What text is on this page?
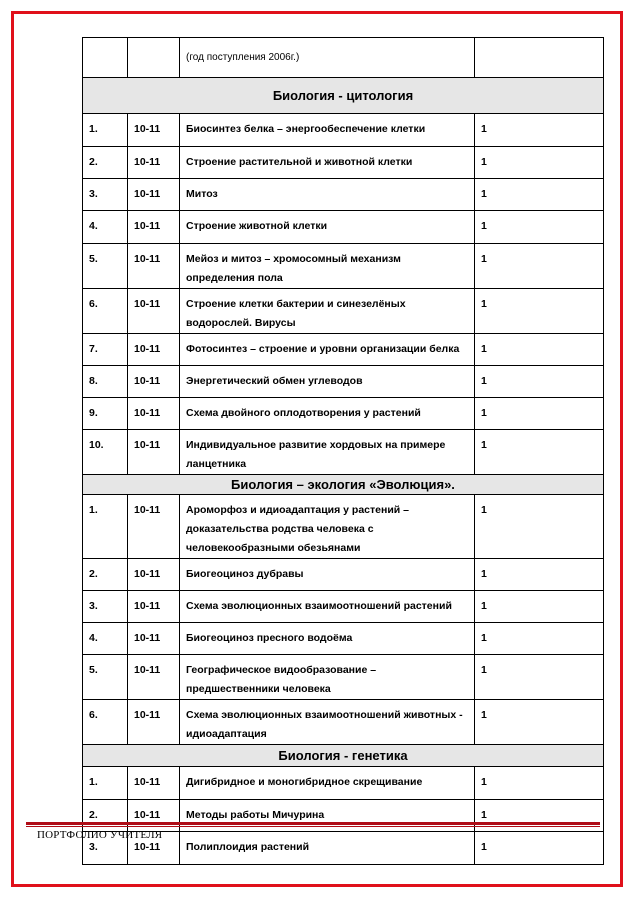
		(год поступления 2006г.)	
Биология - цитология			
1.	10-11	Биосинтез белка – энергообеспечение клетки	1
2.	10-11	Строение растительной и животной клетки	1
3.	10-11	Митоз	1
4.	10-11	Строение животной клетки	1
5.	10-11	Мейоз и митоз – хромосомный механизм определения пола	1
6.	10-11	Строение клетки бактерии и синезелёных водорослей. Вирусы	1
7.	10-11	Фотосинтез – строение и уровни организации белка	1
8.	10-11	Энергетический обмен углеводов	1
9.	10-11	Схема двойного оплодотворения у растений	1
10.	10-11	Индивидуальное развитие хордовых на примере ланцетника	1
Биология – экология «Эволюция».			
1.	10-11	Ароморфоз и идиоадаптация у растений – доказательства родства человека с человекообразными обезьянами	1
2.	10-11	Биогеоциноз дубравы	1
3.	10-11	Схема эволюционных взаимоотношений растений	1
4.	10-11	Биогеоциноз пресного водоёма	1
5.	10-11	Географическое видообразование – предшественники человека	1
6.	10-11	Схема эволюционных взаимоотношений животных - идиоадаптация	1
Биология - генетика			
1.	10-11	Дигибридное и моногибридное скрещивание	1
2.	10-11	Методы работы Мичурина	1
3.	10-11	Полиплоидия растений	1
ПОРТФОЛИО УЧИТЕЛЯ
